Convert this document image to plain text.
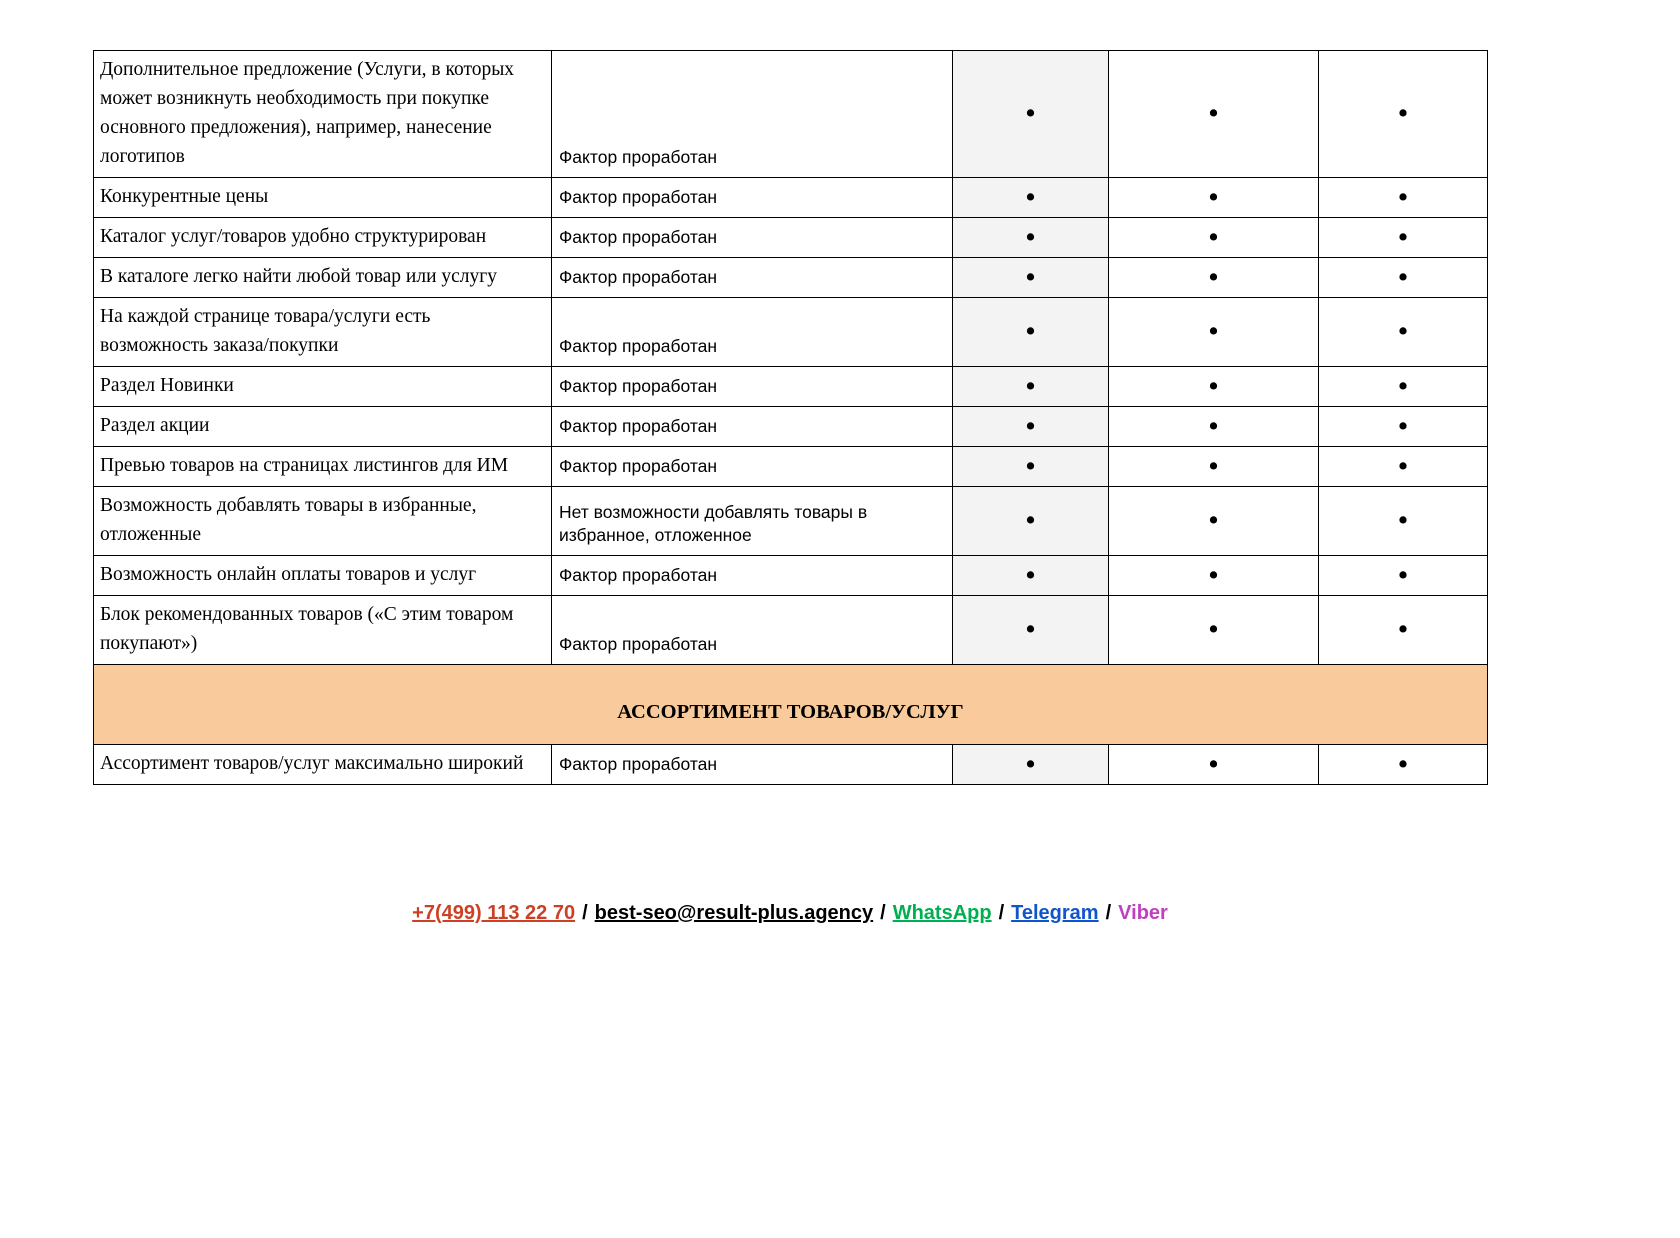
Дополнительное предложение (Услуги, в которых может возникнуть необходимость при покупке основного предложения), например, нанесение логотипов	Фактор проработан	•	•	•
Конкурентные цены	Фактор проработан	•	•	•
Каталог услуг/товаров удобно структурирован	Фактор проработан	•	•	•
В каталоге легко найти любой товар или услугу	Фактор проработан	•	•	•
На каждой странице товара/услуги есть возможность заказа/покупки	Фактор проработан	•	•	•
Раздел Новинки	Фактор проработан	•	•	•
Раздел акции	Фактор проработан	•	•	•
Превью товаров на страницах листингов для ИМ	Фактор проработан	•	•	•
Возможность добавлять товары в избранные, отложенные	Нет возможности добавлять товары в избранное, отложенное	•	•	•
Возможность онлайн оплаты товаров и услуг	Фактор проработан	•	•	•
Блок рекомендованных товаров («С этим товаром покупают»)	Фактор проработан	•	•	•
АССОРТИМЕНТ ТОВАРОВ/УСЛУГ				
Ассортимент товаров/услуг максимально широкий	Фактор проработан	•	•	•
+7(499) 113 22 70 / best-seo@result-plus.agency / WhatsApp / Telegram / Viber
